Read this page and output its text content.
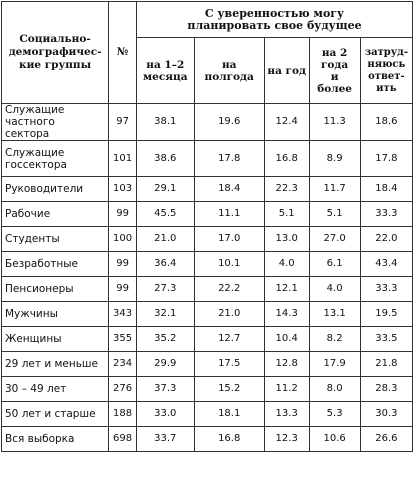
Социально-демографичес-кие группы	№	С уверенностью могу планировать свое будущее				
		на 1–2 месяца	на полгода	на год	на 2 года и более	затруд-няюсь ответ-ить
Служащие частного сектора	97	38.1	19.6	12.4	11.3	18.6
Служащие госсектора	101	38.6	17.8	16.8	8.9	17.8
Руководители	103	29.1	18.4	22.3	11.7	18.4
Рабочие	99	45.5	11.1	5.1	5.1	33.3
Студенты	100	21.0	17.0	13.0	27.0	22.0
Безработные	99	36.4	10.1	4.0	6.1	43.4
Пенсионеры	99	27.3	22.2	12.1	4.0	33.3
Мужчины	343	32.1	21.0	14.3	13.1	19.5
Женщины	355	35.2	12.7	10.4	8.2	33.5
29 лет и меньше	234	29.9	17.5	12.8	17.9	21.8
30 – 49 лет	276	37.3	15.2	11.2	8.0	28.3
50 лет и старше	188	33.0	18.1	13.3	5.3	30.3
Вся выборка	698	33.7	16.8	12.3	10.6	26.6
